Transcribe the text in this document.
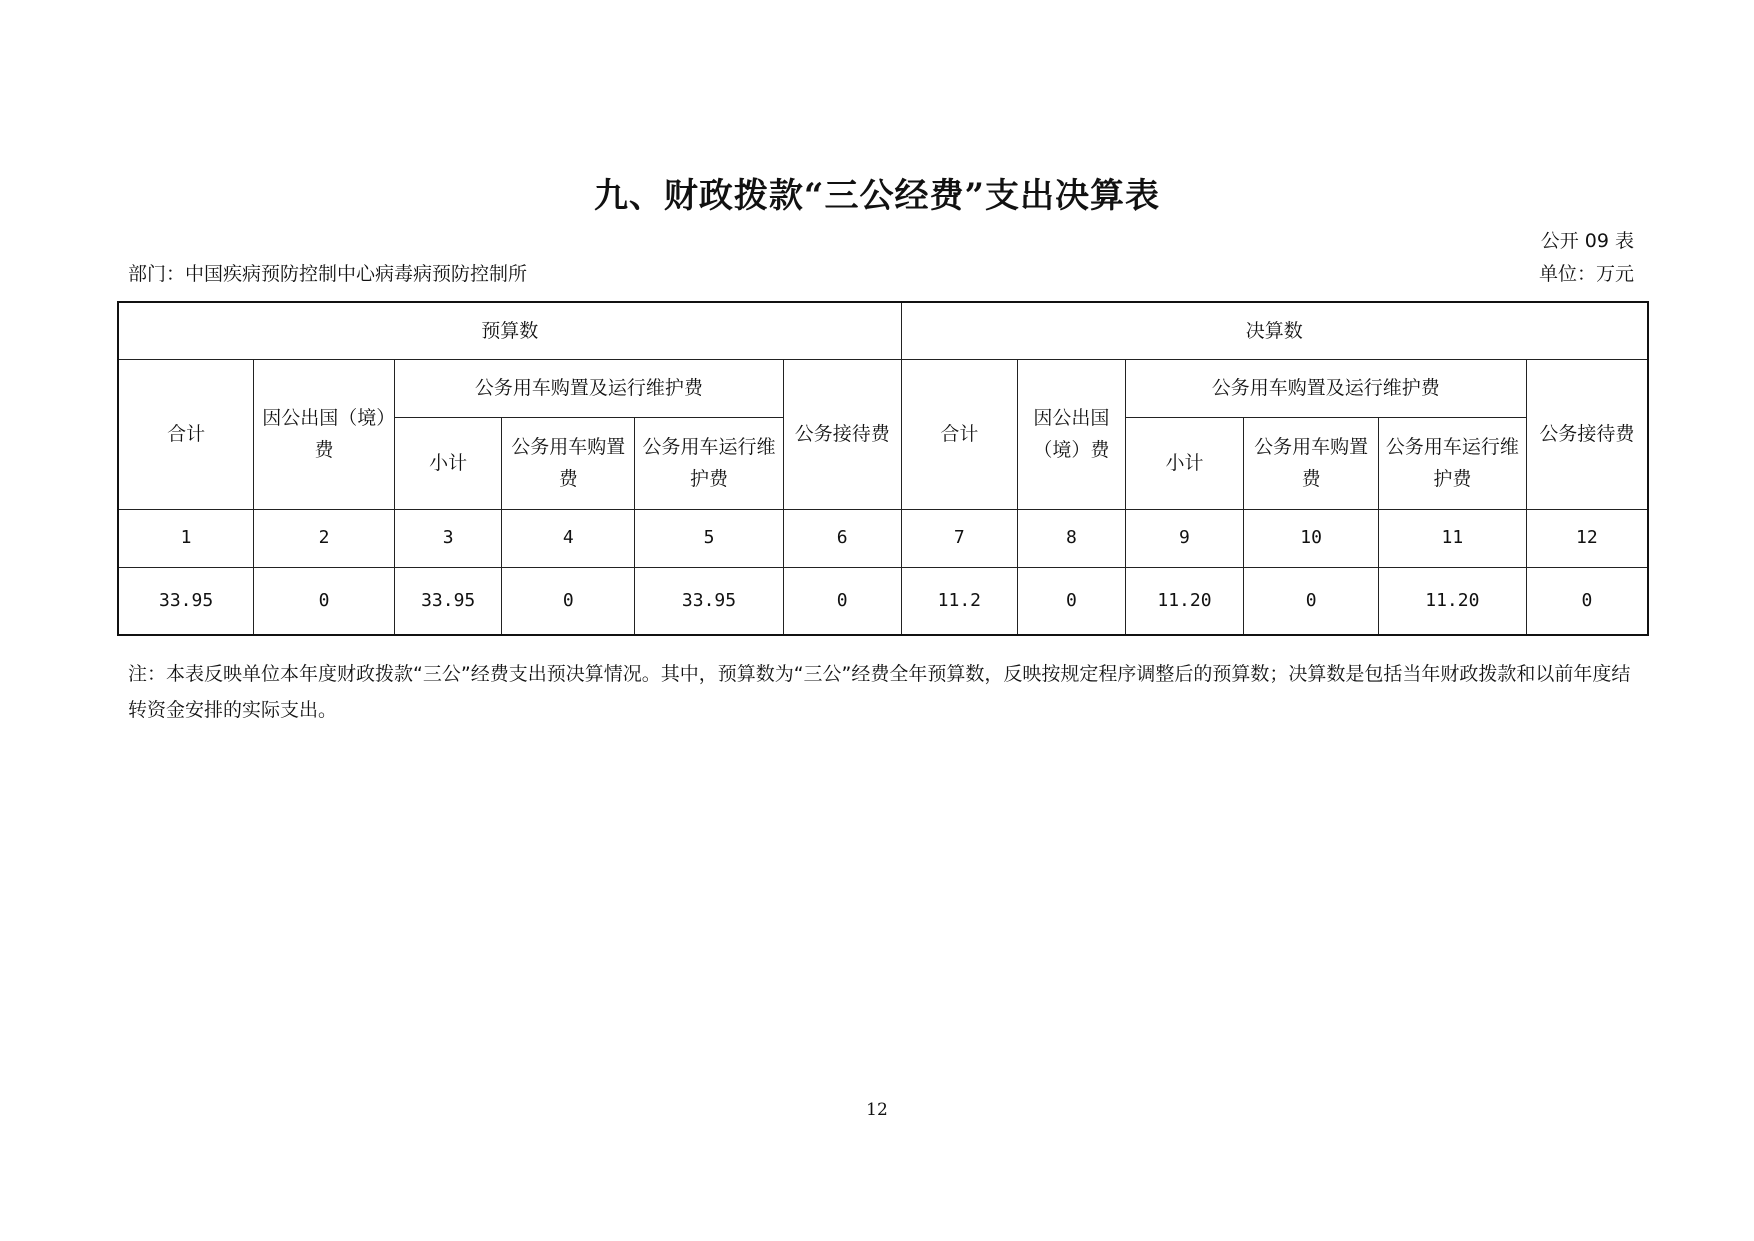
九、财政拨款“三公经费”支出决算表
公开 09 表
部门：中国疾病预防控制中心病毒病预防控制所	单位：万元
预算数						决算数					
合计	因公出国（境）费	公务用车购置及运行维护费			公务接待费	合计	因公出国（境）费	公务用车购置及运行维护费			公务接待费
		小计	公务用车购置费	公务用车运行维护费				小计	公务用车购置费	公务用车运行维护费	
1	2	3	4	5	6	7	8	9	10	11	12
33.95	0	33.95	0	33.95	0	11.2	0	11.20	0	11.20	0
注：本表反映单位本年度财政拨款“三公”经费支出预决算情况。其中，预算数为“三公”经费全年预算数，反映按规定程序调整后的预算数；决算数是包括当年财政拨款和以前年度结转资金安排的实际支出。
12
